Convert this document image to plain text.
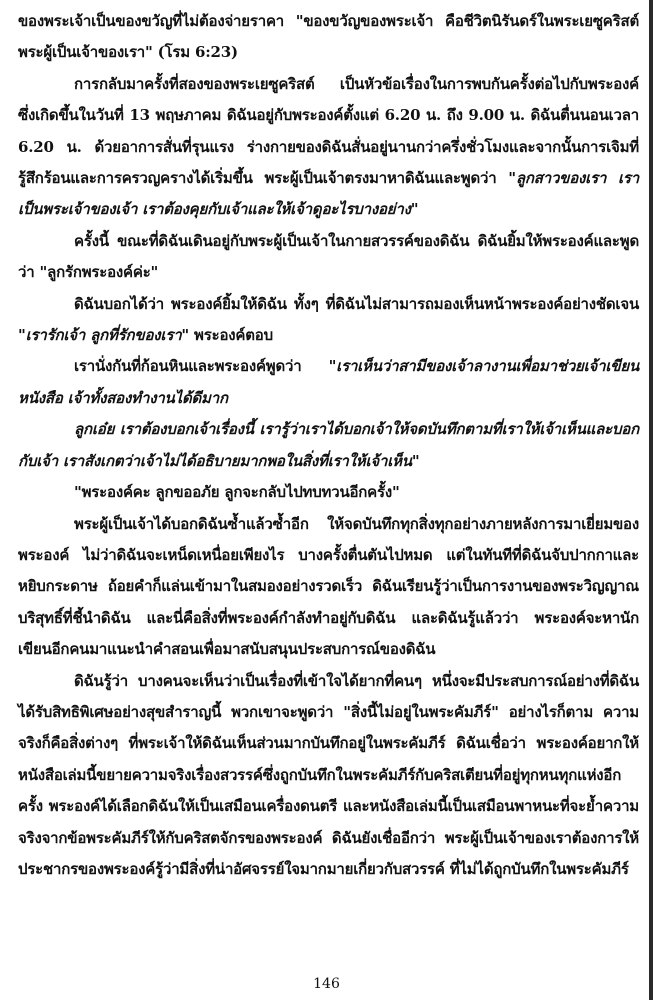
ของพระเจ้าเป็นของขวัญที่ไม่ต้องจ่ายราคา "ของขวัญของพระเจ้า คือชีวิตนิรันดร์ในพระเยซูคริสต์พระผู้เป็นเจ้าของเรา" (โรม 6:23)

การกลับมาครั้งที่สองของพระเยซูคริสต์ เป็นหัวข้อเรื่องในการพบกันครั้งต่อไปกับพระองค์ ซึ่งเกิดขึ้นในวันที่ 13 พฤษภาคม ดิฉันอยู่กับพระองค์ตั้งแต่ 6.20 น. ถึง 9.00 น. ดิฉันตื่นนอนเวลา 6.20 น. ด้วยอาการสั่นที่รุนแรง ร่างกายของดิฉันสั่นอยู่นานกว่าครึ่งชั่วโมงและจากนั้นการเจิมที่รู้สึกร้อนและการครวญครางได้เริ่มขึ้น พระผู้เป็นเจ้าตรงมาหาดิฉันและพูดว่า "ลูกสาวของเรา เราเป็นพระเจ้าของเจ้า เราต้องคุยกับเจ้าและให้เจ้าดูอะไรบางอย่าง"

ครั้งนี้ ขณะที่ดิฉันเดินอยู่กับพระผู้เป็นเจ้าในกายสวรรค์ของดิฉัน ดิฉันยิ้มให้พระองค์และพูดว่า "ลูกรักพระองค์ค่ะ"

ดิฉันบอกได้ว่า พระองค์ยิ้มให้ดิฉัน ทั้งๆ ที่ดิฉันไม่สามารถมองเห็นหน้าพระองค์อย่างชัดเจน "เรารักเจ้า ลูกที่รักของเรา" พระองค์ตอบ

เรานั่งกันที่ก้อนหินและพระองค์พูดว่า "เราเห็นว่าสามีของเจ้าลางานเพื่อมาช่วยเจ้าเขียนหนังสือ เจ้าทั้งสองทำงานได้ดีมาก

ลูกเอ๋ย เราต้องบอกเจ้าเรื่องนี้ เรารู้ว่าเราได้บอกเจ้าให้จดบันทึกตามที่เราให้เจ้าเห็นและบอกกับเจ้า เราสังเกตว่าเจ้าไม่ได้อธิบายมากพอในสิ่งที่เราให้เจ้าเห็น"

"พระองค์คะ ลูกขออภัย ลูกจะกลับไปทบทวนอีกครั้ง"

พระผู้เป็นเจ้าได้บอกดิฉันซ้ำแล้วซ้ำอีก ให้จดบันทึกทุกสิ่งทุกอย่างภายหลังการมาเยี่ยมของพระองค์ ไม่ว่าดิฉันจะเหน็ดเหนื่อยเพียงไร บางครั้งตื่นตันไปหมด แต่ในทันทีที่ดิฉันจับปากกาและหยิบกระดาษ ถ้อยคำก็แล่นเข้ามาในสมองอย่างรวดเร็ว ดิฉันเรียนรู้ว่าเป็นการงานของพระวิญญาณบริสุทธิ์ที่ชี้นำดิฉัน และนี่คือสิ่งที่พระองค์กำลังทำอยู่กับดิฉัน และดิฉันรู้แล้วว่า พระองค์จะหานักเขียนอีกคนมาแนะนำคำสอนเพื่อมาสนับสนุนประสบการณ์ของดิฉัน

ดิฉันรู้ว่า บางคนจะเห็นว่าเป็นเรื่องที่เข้าใจได้ยากที่คนๆ หนึ่งจะมีประสบการณ์อย่างที่ดิฉันได้รับสิทธิพิเศษอย่างสุขสำราญนี้ พวกเขาจะพูดว่า "สิ่งนี้ไม่อยู่ในพระคัมภีร์" อย่างไรก็ตาม ความจริงก็คือสิ่งต่างๆ ที่พระเจ้าให้ดิฉันเห็นส่วนมากบันทึกอยู่ในพระคัมภีร์ ดิฉันเชื่อว่า พระองค์อยากให้หนังสือเล่มนี้ขยายความจริงเรื่องสวรรค์ซึ่งถูกบันทึกในพระคัมภีร์กับคริสเตียนที่อยู่ทุกหนทุกแห่งอีกครั้ง พระองค์ได้เลือกดิฉันให้เป็นเสมือนเครื่องดนตรี และหนังสือเล่มนี้เป็นเสมือนพาหนะที่จะย้ำความจริงจากข้อพระคัมภีร์ให้กับคริสตจักรของพระองค์ ดิฉันยังเชื่ออีกว่า พระผู้เป็นเจ้าของเราต้องการให้ประชากรของพระองค์รู้ว่ามีสิ่งที่น่าอัศจรรย์ใจมากมายเกี่ยวกับสวรรค์ ที่ไม่ได้ถูกบันทึกในพระคัมภีร์

146
